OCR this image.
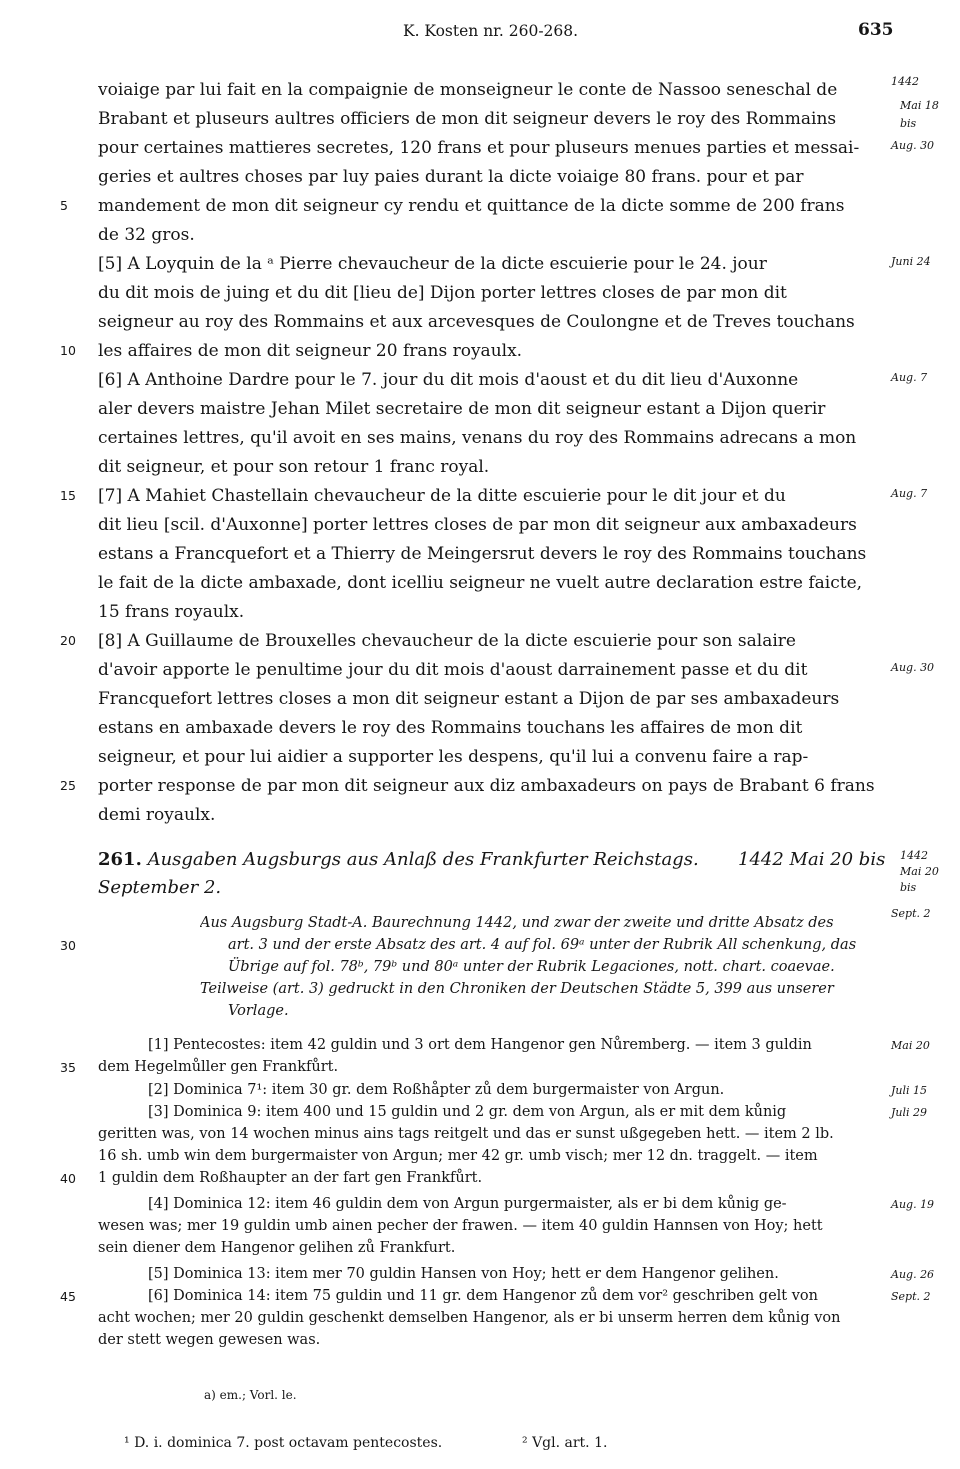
K. Kosten nr. 260-268.	635
voiaige par lui fait en la compaignie de monseigneur le conte de Nassoo seneschal de
Brabant et pluseurs aultres officiers de mon dit seigneur devers le roy des Rommains
pour certaines mattieres secretes, 120 frans et pour pluseurs menues parties et messai-
geries et aultres choses par luy paies durant la dicte voiaige 80 frans. pour et par
mandement de mon dit seigneur cy rendu et quittance de la dicte somme de 200 frans
de 32 gros.
[5] A Loyquin de la ᵃ Pierre chevaucheur de la dicte escuierie pour le 24. jour
du dit mois de juing et du dit [lieu de] Dijon porter lettres closes de par mon dit
seigneur au roy des Rommains et aux arcevesques de Coulongne et de Treves touchans
les affaires de mon dit seigneur 20 frans royaulx.
[6] A Anthoine Dardre pour le 7. jour du dit mois d'aoust et du dit lieu d'Auxonne
aler devers maistre Jehan Milet secretaire de mon dit seigneur estant a Dijon querir
certaines lettres, qu'il avoit en ses mains, venans du roy des Rommains adrecans a mon
dit seigneur, et pour son retour 1 franc royal.
[7] A Mahiet Chastellain chevaucheur de la ditte escuierie pour le dit jour et du
dit lieu [scil. d'Auxonne] porter lettres closes de par mon dit seigneur aux ambaxadeurs
estans a Francquefort et a Thierry de Meingersrut devers le roy des Rommains touchans
le fait de la dicte ambaxade, dont icelliu seigneur ne vuelt autre declaration estre faicte,
15 frans royaulx.
[8] A Guillaume de Brouxelles chevaucheur de la dicte escuierie pour son salaire
d'avoir apporte le penultime jour du dit mois d'aoust darrainement passe et du dit
Francquefort lettres closes a mon dit seigneur estant a Dijon de par ses ambaxadeurs
estans en ambaxade devers le roy des Rommains touchans les affaires de mon dit
seigneur, et pour lui aidier a supporter les despens, qu'il lui a convenu faire a rap-
porter response de par mon dit seigneur aux diz ambaxadeurs on pays de Brabant 6 frans
demi royaulx.
261. Ausgaben Augsburgs aus Anlaß des Frankfurter Reichstags. 1442 Mai 20 bis
September 2.
Aus Augsburg Stadt-A. Baurechnung 1442, und zwar der zweite und dritte Absatz des
art. 3 und der erste Absatz des art. 4 auf fol. 69ᵃ unter der Rubrik All schenkung, das
Übrige auf fol. 78ᵇ, 79ᵇ und 80ᵃ unter der Rubrik Legaciones, nott. chart. coaevae.
Teilweise (art. 3) gedruckt in den Chroniken der Deutschen Städte 5, 399 aus unserer
Vorlage.
[1] Pentecostes: item 42 guldin und 3 ort dem Hangenor gen Nůremberg. — item 3 guldin
dem Hegelmůller gen Frankfůrt.
[2] Dominica 7¹: item 30 gr. dem Roßhåpter zů dem burgermaister von Argun.
[3] Dominica 9: item 400 und 15 guldin und 2 gr. dem von Argun, als er mit dem kůnig
geritten was, von 14 wochen minus ains tags reitgelt und das er sunst ußgegeben hett. — item 2 lb.
16 sh. umb win dem burgermaister von Argun; mer 42 gr. umb visch; mer 12 dn. traggelt. — item
1 guldin dem Roßhaupter an der fart gen Frankfůrt.
[4] Dominica 12: item 46 guldin dem von Argun purgermaister, als er bi dem kůnig ge-
wesen was; mer 19 guldin umb ainen pecher der frawen. — item 40 guldin Hannsen von Hoy; hett
sein diener dem Hangenor gelihen zů Frankfurt.
[5] Dominica 13: item mer 70 guldin Hansen von Hoy; hett er dem Hangenor gelihen.
[6] Dominica 14: item 75 guldin und 11 gr. dem Hangenor zů dem vor² geschriben gelt von
acht wochen; mer 20 guldin geschenkt demselben Hangenor, als er bi unserm herren dem kůnig von
der stett wegen gewesen was.
5
10
15
20
25
30
35
40
45
1442
Mai 18
bis
Aug. 30
Juni 24
Aug. 7
Aug. 7
Aug. 30
1442
Mai 20
bis
Sept. 2
Mai 20
Juli 15
Juli 29
Aug. 19
Aug. 26
Sept. 2
a) em.; Vorl. le.
¹ D. i. dominica 7. post octavam pentecostes.	² Vgl. art. 1.
